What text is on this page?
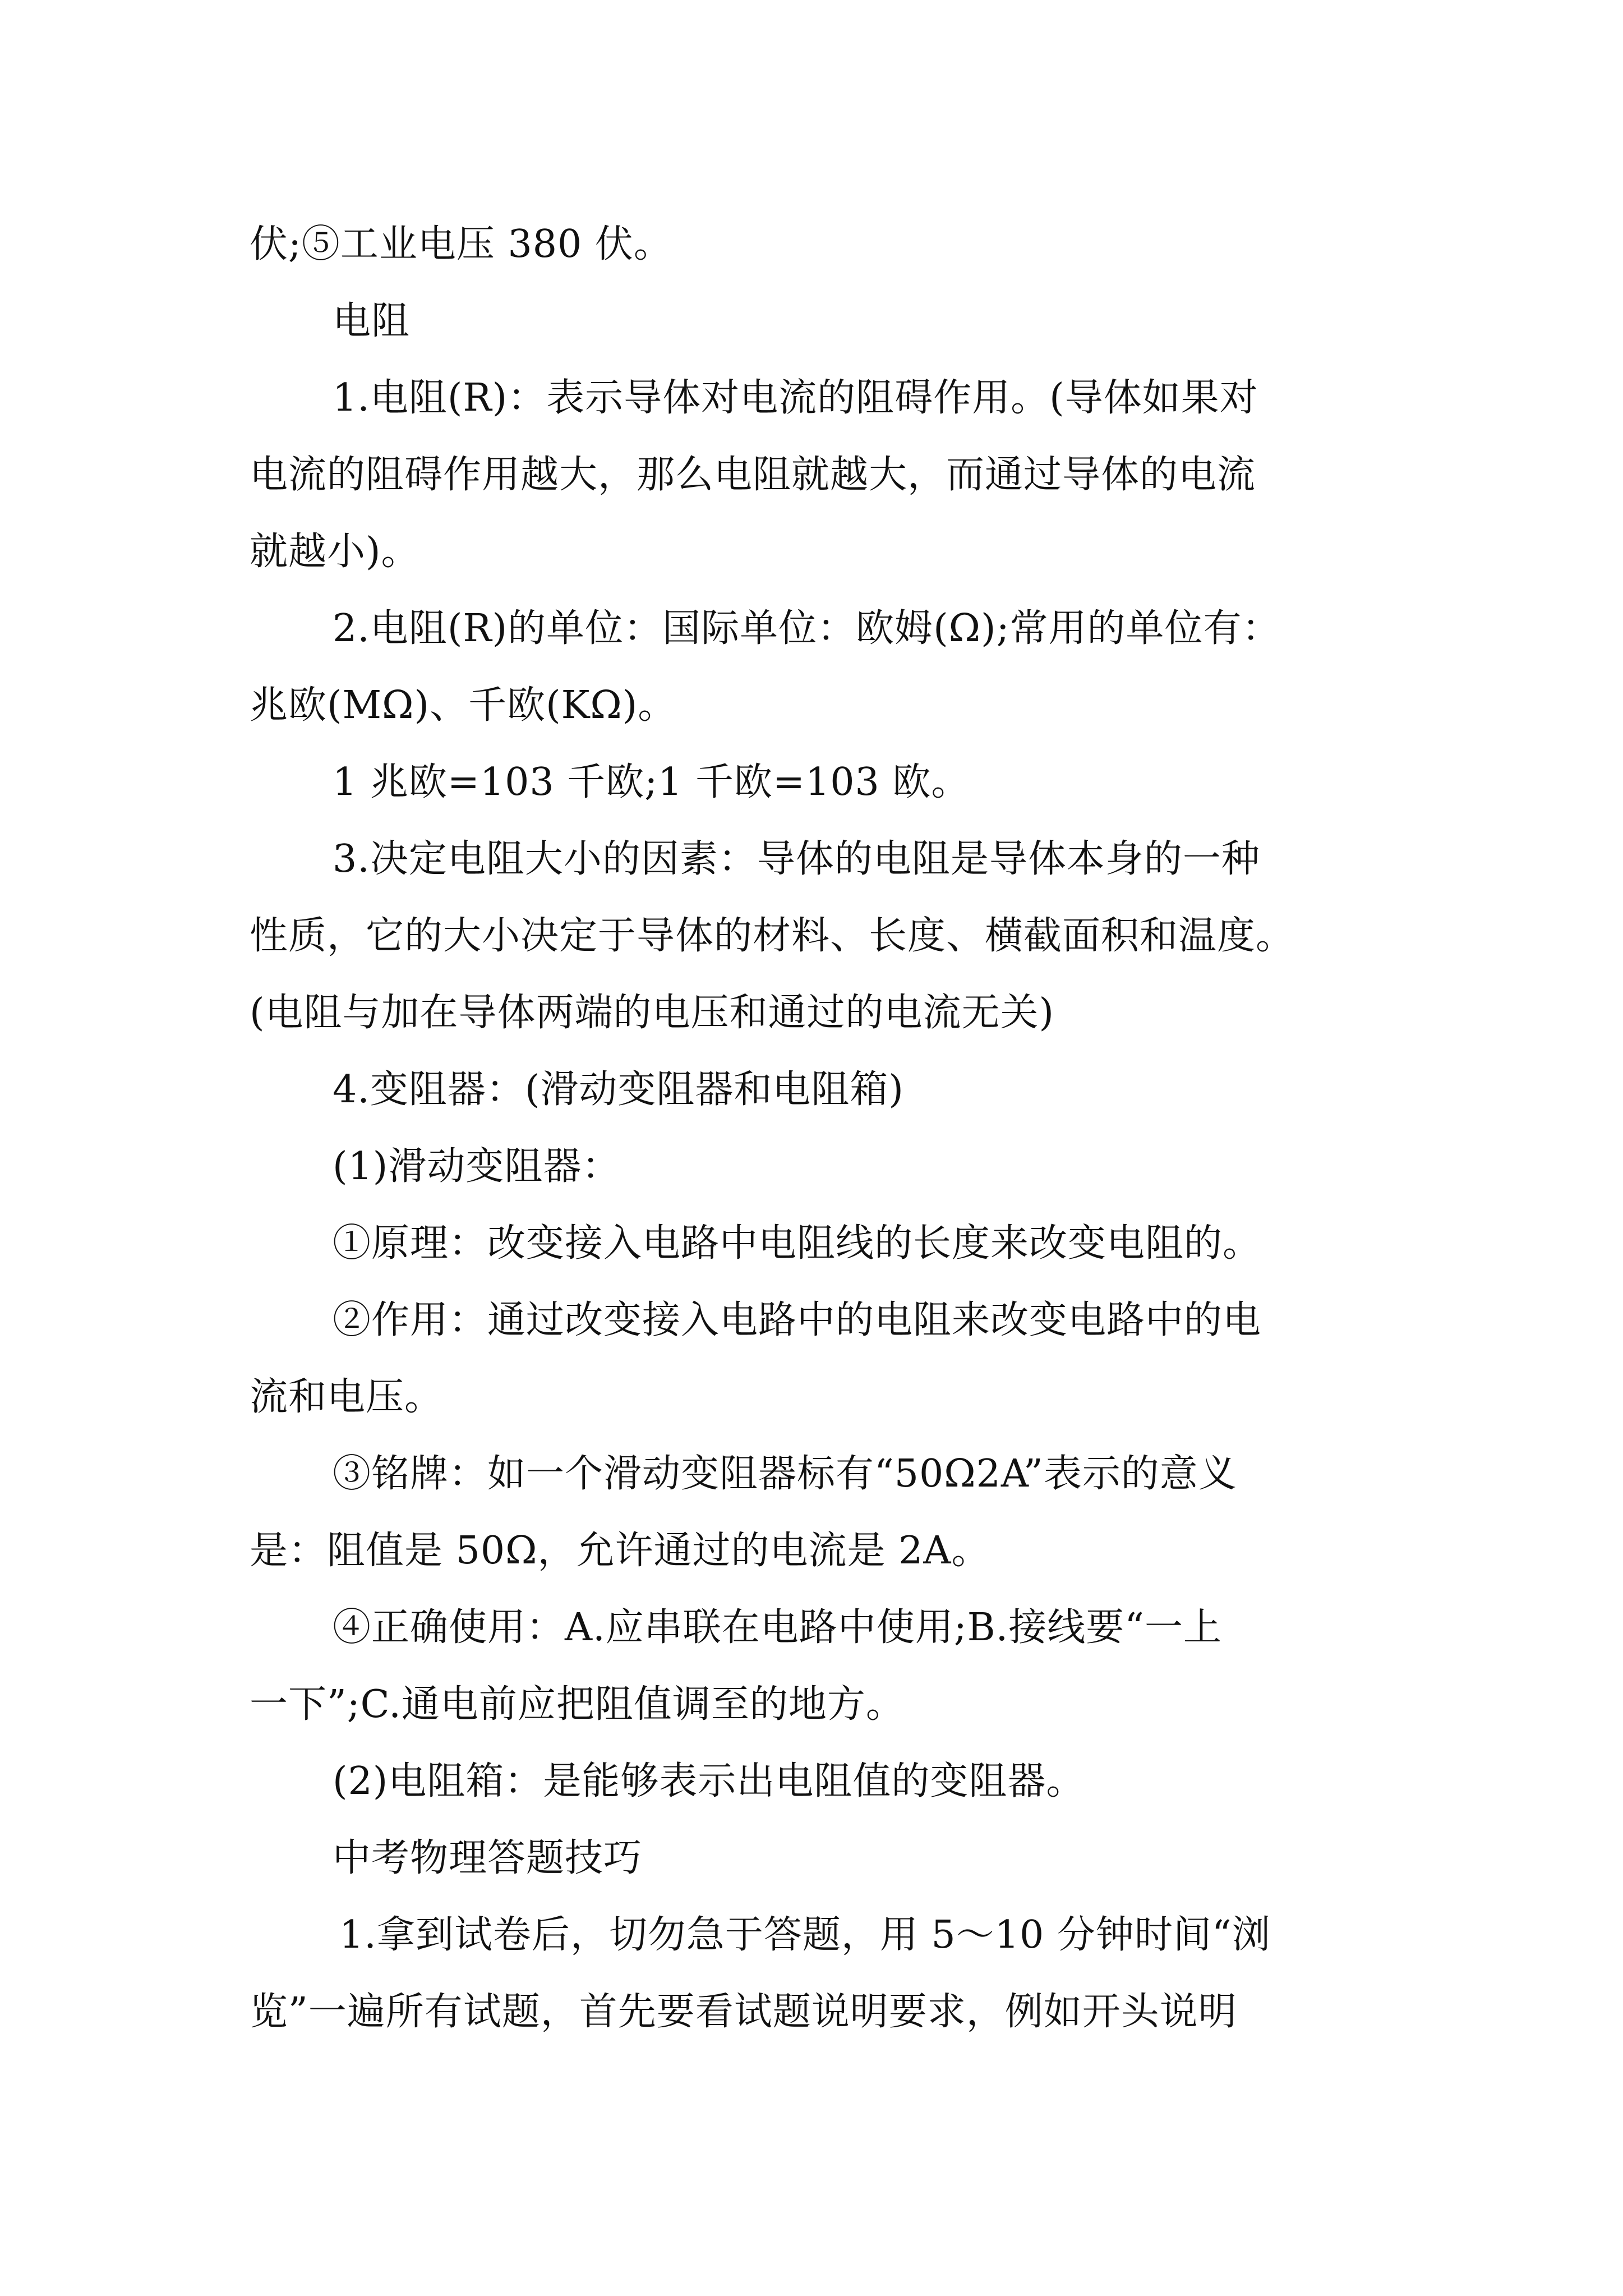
伏;⑤工业电压 380 伏。
电阻
1.电阻(R)：表示导体对电流的阻碍作用。(导体如果对
电流的阻碍作用越大，那么电阻就越大，而通过导体的电流
就越小)。
2.电阻(R)的单位：国际单位：欧姆(Ω);常用的单位有：
兆欧(MΩ)、千欧(KΩ)。
1 兆欧=103 千欧;1 千欧=103 欧。
3.决定电阻大小的因素：导体的电阻是导体本身的一种
性质，它的大小决定于导体的材料、长度、横截面积和温度。
(电阻与加在导体两端的电压和通过的电流无关)
4.变阻器：(滑动变阻器和电阻箱)
(1)滑动变阻器：
①原理：改变接入电路中电阻线的长度来改变电阻的。
②作用：通过改变接入电路中的电阻来改变电路中的电
流和电压。
③铭牌：如一个滑动变阻器标有“50Ω2A”表示的意义
是：阻值是 50Ω，允许通过的电流是 2A。
④正确使用：A.应串联在电路中使用;B.接线要“一上
一下”;C.通电前应把阻值调至的地方。
(2)电阻箱：是能够表示出电阻值的变阻器。
中考物理答题技巧
1.拿到试卷后，切勿急于答题，用 5～10 分钟时间“浏
览”一遍所有试题，首先要看试题说明要求，例如开头说明
